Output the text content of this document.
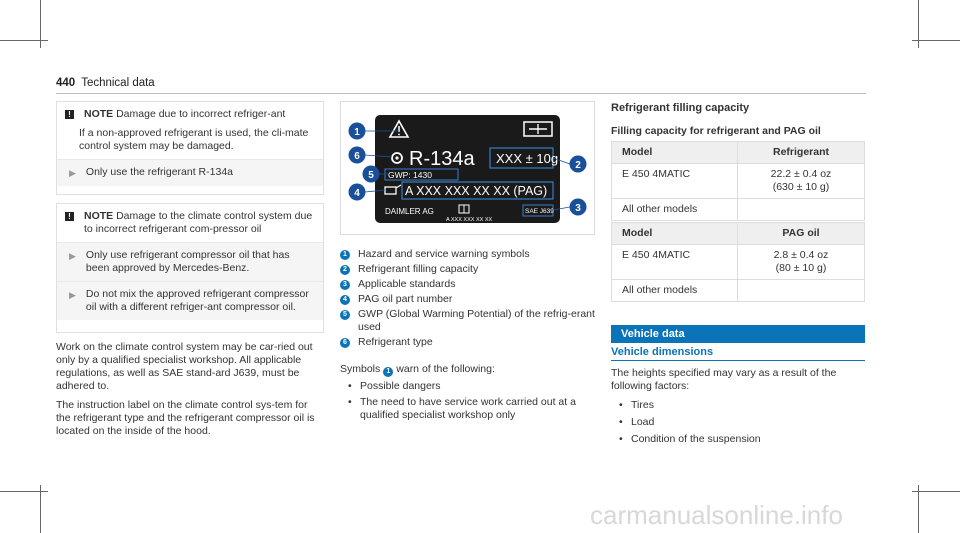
440 Technical data
!	NOTE Damage due to incorrect refriger-ant
If a non-approved refrigerant is used, the cli-mate control system may be damaged.
▶ Only use the refrigerant R-134a
!	NOTE Damage to the climate control system due to incorrect refrigerant com-pressor oil
▶ Only use refrigerant compressor oil that has been approved by Mercedes-Benz.
▶ Do not mix the approved refrigerant compressor oil with a different refriger-ant compressor oil.
Work on the climate control system may be car-ried out only by a qualified specialist workshop. All applicable regulations, as well as SAE stand-ard J639, must be adhered to.
The instruction label on the climate control sys-tem for the refrigerant type and the refrigerant compressor oil is located on the inside of the hood.
R-134a XXX ± 10g
GWP: 1430
A XXX XXX XX XX (PAG)
DAIMLER AG
A XXX XXX XX XX
SAE J639
1
6
5
4
2
3
1 Hazard and service warning symbols
2 Refrigerant filling capacity
3 Applicable standards
4 PAG oil part number
5 GWP (Global Warming Potential) of the refrig-erant used
6 Refrigerant type
Symbols 1 warn of the following:
• Possible dangers
• The need to have service work carried out at a qualified specialist workshop only
Refrigerant filling capacity
Filling capacity for refrigerant and PAG oil
Model	Refrigerant
E 450 4MATIC	22.2 ± 0.4 oz
(630 ± 10 g)
All other models	
Model	PAG oil
E 450 4MATIC	2.8 ± 0.4 oz
(80 ± 10 g)
All other models	
Vehicle data
Vehicle dimensions
The heights specified may vary as a result of the following factors:
• Tires
• Load
• Condition of the suspension
carmanualsonline.info
